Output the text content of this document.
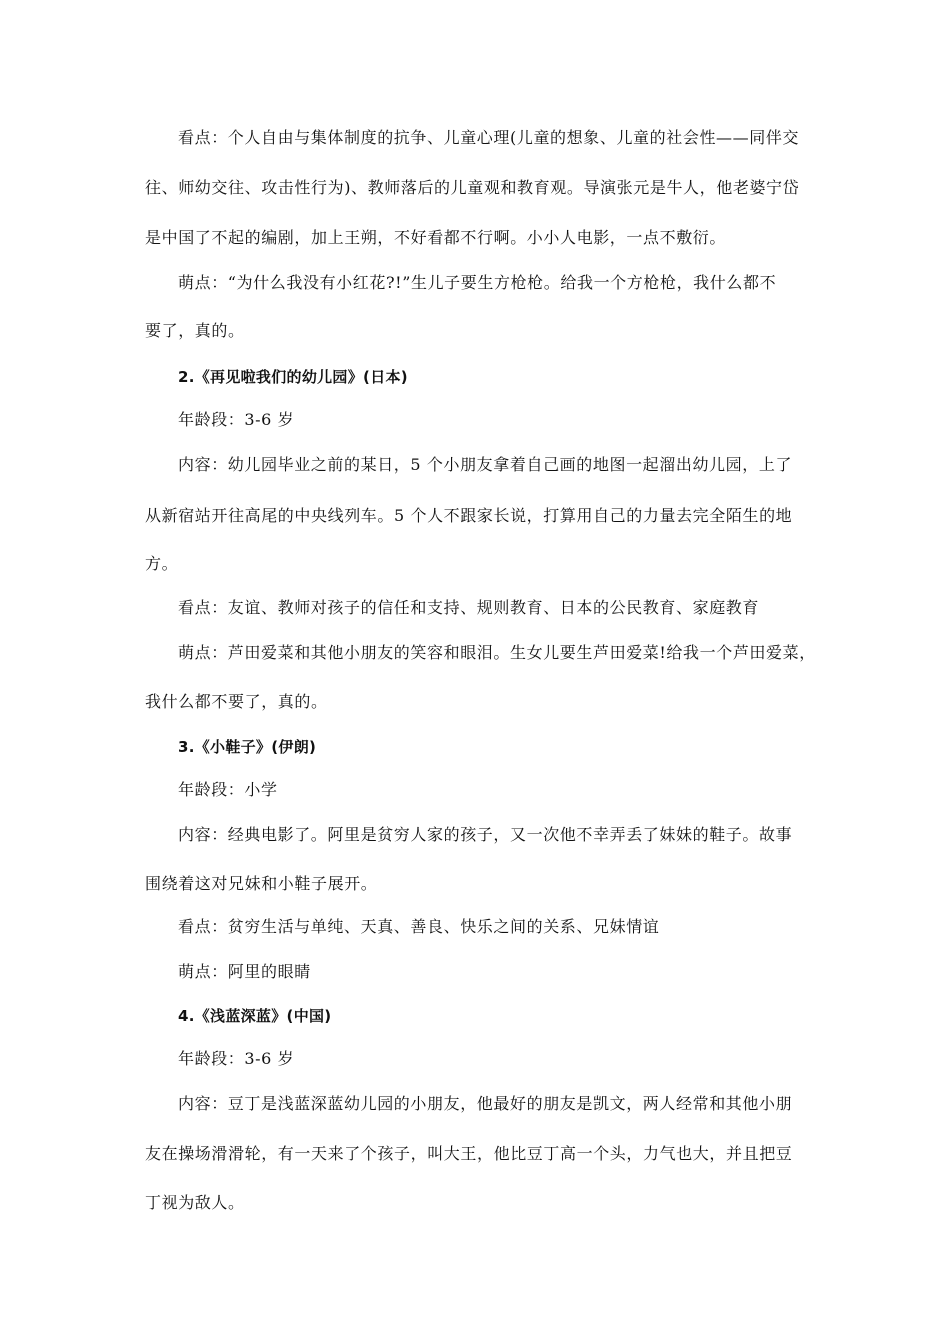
看点：个人自由与集体制度的抗争、儿童心理(儿童的想象、儿童的社会性——同伴交
往、师幼交往、攻击性行为)、教师落后的儿童观和教育观。导演张元是牛人，他老婆宁岱
是中国了不起的编剧，加上王朔，不好看都不行啊。小小人电影，一点不敷衍。
萌点：“为什么我没有小红花?!”生儿子要生方枪枪。给我一个方枪枪，我什么都不
要了，真的。
2.《再见啦我们的幼儿园》(日本)
年龄段：3-6 岁
内容：幼儿园毕业之前的某日，5 个小朋友拿着自己画的地图一起溜出幼儿园，上了
从新宿站开往高尾的中央线列车。5 个人不跟家长说，打算用自己的力量去完全陌生的地
方。
看点：友谊、教师对孩子的信任和支持、规则教育、日本的公民教育、家庭教育
萌点：芦田爱菜和其他小朋友的笑容和眼泪。生女儿要生芦田爱菜!给我一个芦田爱菜，
我什么都不要了，真的。
3.《小鞋子》(伊朗)
年龄段：小学
内容：经典电影了。阿里是贫穷人家的孩子，又一次他不幸弄丢了妹妹的鞋子。故事
围绕着这对兄妹和小鞋子展开。
看点：贫穷生活与单纯、天真、善良、快乐之间的关系、兄妹情谊
萌点：阿里的眼睛
4.《浅蓝深蓝》(中国)
年龄段：3-6 岁
内容：豆丁是浅蓝深蓝幼儿园的小朋友，他最好的朋友是凯文，两人经常和其他小朋
友在操场滑滑轮，有一天来了个孩子，叫大王，他比豆丁高一个头，力气也大，并且把豆
丁视为敌人。
